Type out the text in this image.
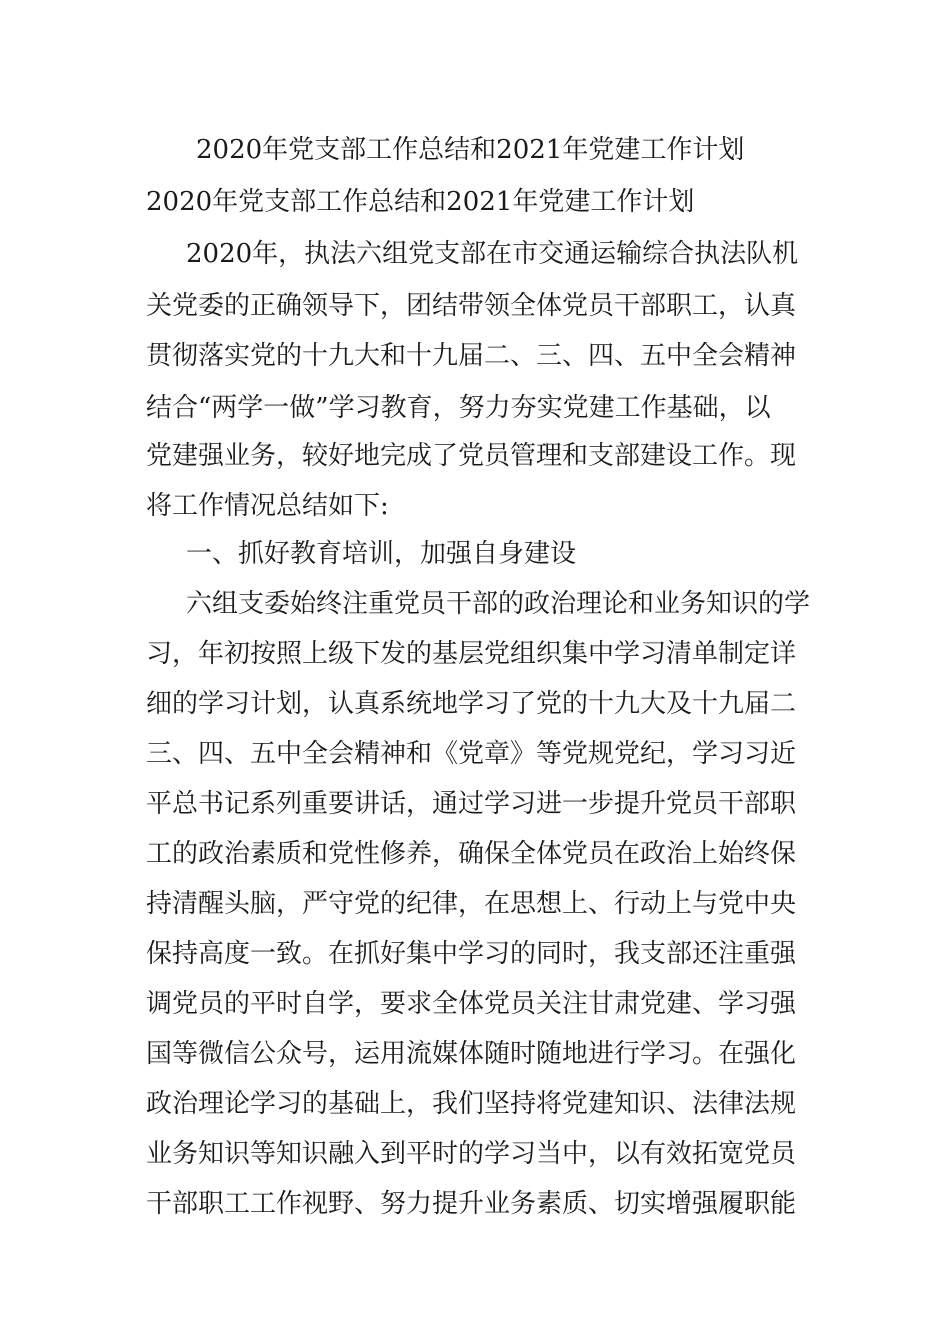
2020年党支部工作总结和2021年党建工作计划

2020年党支部工作总结和2021年党建工作计划

2020年，执法六组党支部在市交通运输综合执法队机

关党委的正确领导下，团结带领全体党员干部职工，认真

贯彻落实党的十九大和十九届二、三、四、五中全会精神

结合“两学一做”学习教育，努力夯实党建工作基础，以

党建强业务，较好地完成了党员管理和支部建设工作。现

将工作情况总结如下:

一、抓好教育培训，加强自身建设

六组支委始终注重党员干部的政治理论和业务知识的学

习，年初按照上级下发的基层党组织集中学习清单制定详

细的学习计划，认真系统地学习了党的十九大及十九届二

三、四、五中全会精神和《党章》等党规党纪，学习习近

平总书记系列重要讲话，通过学习进一步提升党员干部职

工的政治素质和党性修养，确保全体党员在政治上始终保

持清醒头脑，严守党的纪律，在思想上、行动上与党中央

保持高度一致。在抓好集中学习的同时，我支部还注重强

调党员的平时自学，要求全体党员关注甘肃党建、学习强

国等微信公众号，运用流媒体随时随地进行学习。在强化

政治理论学习的基础上，我们坚持将党建知识、法律法规

业务知识等知识融入到平时的学习当中，以有效拓宽党员

干部职工工作视野、努力提升业务素质、切实增强履职能
